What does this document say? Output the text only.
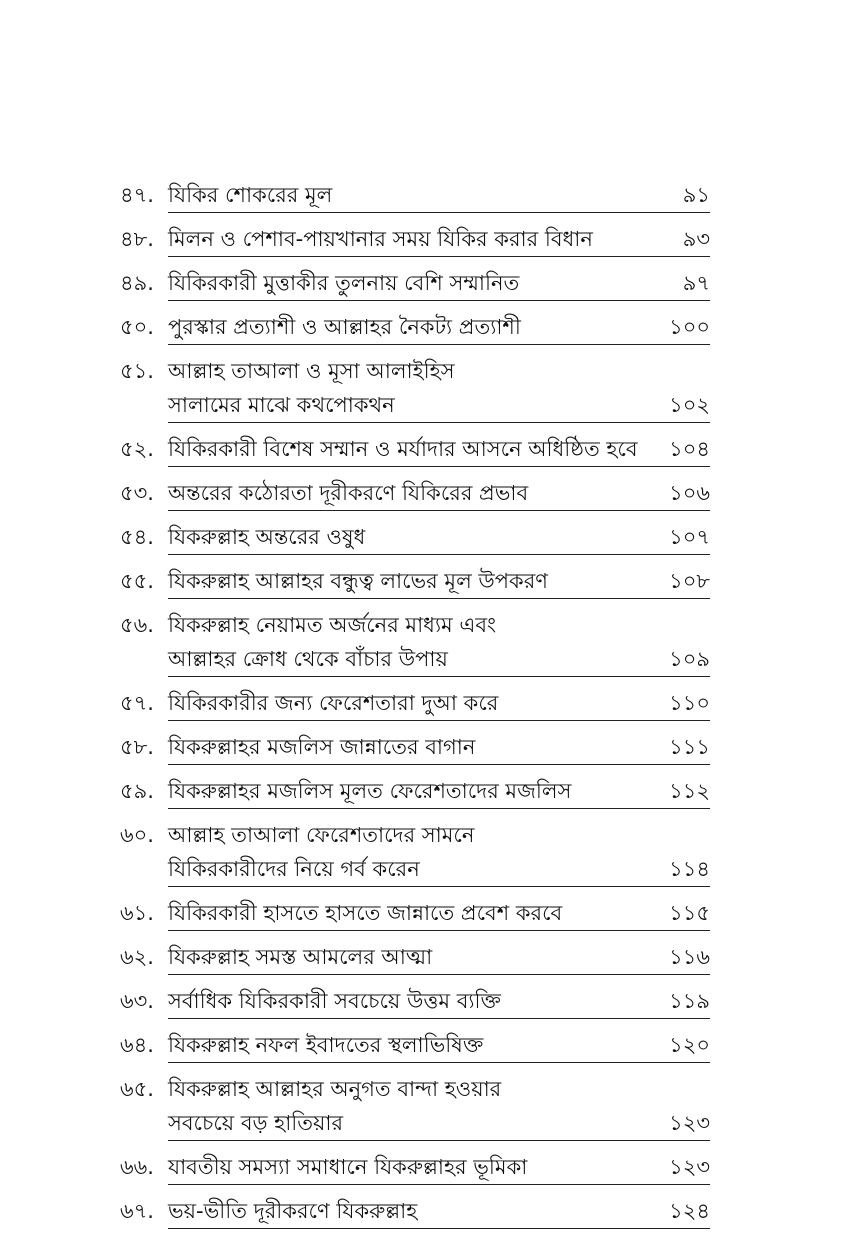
৪৭. যিকির শোকরের মূল	৯১
৪৮. মিলন ও পেশাব-পায়খানার সময় যিকির করার বিধান	৯৩
৪৯. যিকিরকারী মুত্তাকীর তুলনায় বেশি সম্মানিত	৯৭
৫০. পুরস্কার প্রত্যাশী ও আল্লাহর নৈকট্য প্রত্যাশী	১০০
৫১. আল্লাহ তাআলা ও মূসা আলাইহিস
সালামের মাঝে কথপোকথন	১০২
৫২. যিকিরকারী বিশেষ সম্মান ও মর্যাদার আসনে অধিষ্ঠিত হবে	১০৪
৫৩. অন্তরের কঠোরতা দূরীকরণে যিকিরের প্রভাব	১০৬
৫৪. যিকরুল্লাহ অন্তরের ওষুধ	১০৭
৫৫. যিকরুল্লাহ আল্লাহর বন্ধুত্ব লাভের মূল উপকরণ	১০৮
৫৬. যিকরুল্লাহ নেয়ামত অর্জনের মাধ্যম এবং
আল্লাহর ক্রোধ থেকে বাঁচার উপায়	১০৯
৫৭. যিকিরকারীর জন্য ফেরেশতারা দুআ করে	১১০
৫৮. যিকরুল্লাহর মজলিস জান্নাতের বাগান	১১১
৫৯. যিকরুল্লাহর মজলিস মূলত ফেরেশতাদের মজলিস	১১২
৬০. আল্লাহ তাআলা ফেরেশতাদের সামনে
যিকিরকারীদের নিয়ে গর্ব করেন	১১৪
৬১. যিকিরকারী হাসতে হাসতে জান্নাতে প্রবেশ করবে	১১৫
৬২. যিকরুল্লাহ সমস্ত আমলের আত্মা	১১৬
৬৩. সর্বাধিক যিকিরকারী সবচেয়ে উত্তম ব্যক্তি	১১৯
৬৪. যিকরুল্লাহ নফল ইবাদতের স্থলাভিষিক্ত	১২০
৬৫. যিকরুল্লাহ আল্লাহর অনুগত বান্দা হওয়ার
সবচেয়ে বড় হাতিয়ার	১২৩
৬৬. যাবতীয় সমস্যা সমাধানে যিকরুল্লাহর ভূমিকা	১২৩
৬৭. ভয়-ভীতি দূরীকরণে যিকরুল্লাহ	১২৪
